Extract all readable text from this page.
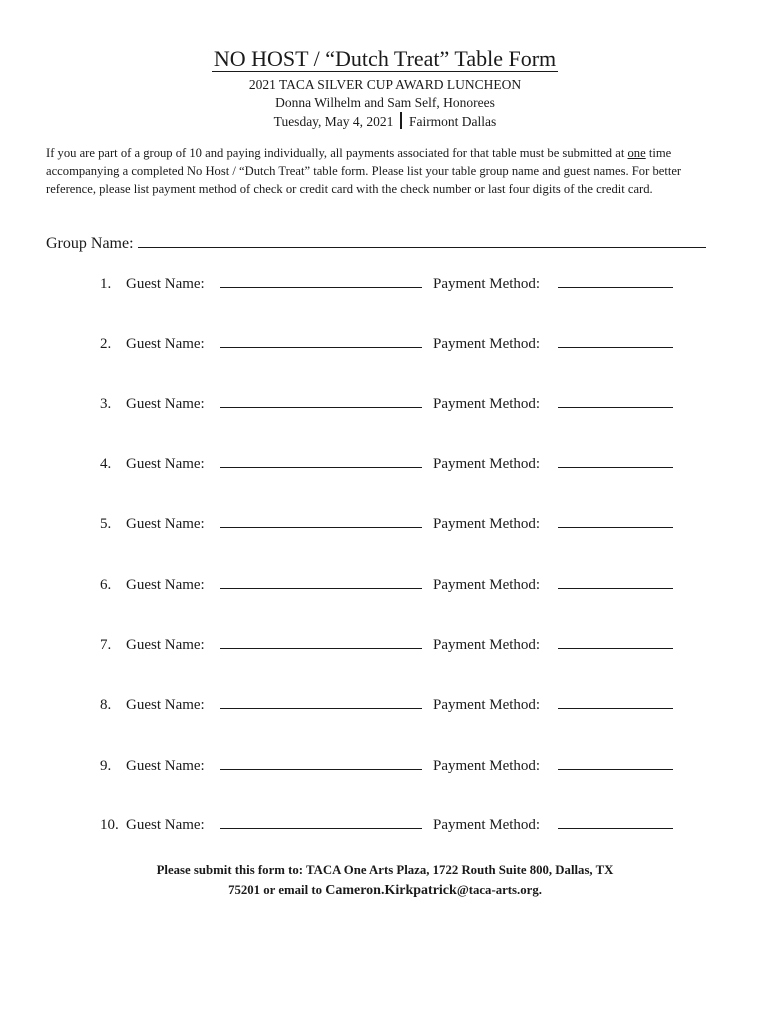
NO HOST / “Dutch Treat” Table Form
2021 TACA SILVER CUP AWARD LUNCHEON
Donna Wilhelm and Sam Self, Honorees
Tuesday, May 4, 2021 Fairmont Dallas
If you are part of a group of 10 and paying individually, all payments associated for that table must be submitted at one time accompanying a completed No Host / “Dutch Treat” table form. Please list your table group name and guest names. For better reference, please list payment method of check or credit card with the check number or last four digits of the credit card.
Group Name:
1. Guest Name:	Payment Method:
2. Guest Name:	Payment Method:
3. Guest Name:	Payment Method:
4. Guest Name:	Payment Method:
5. Guest Name:	Payment Method:
6. Guest Name:	Payment Method:
7. Guest Name:	Payment Method:
8. Guest Name:	Payment Method:
9. Guest Name:	Payment Method:
10. Guest Name:	Payment Method:
Please submit this form to: TACA One Arts Plaza, 1722 Routh Suite 800, Dallas, TX
75201 or email to Cameron.Kirkpatrick@taca-arts.org.
